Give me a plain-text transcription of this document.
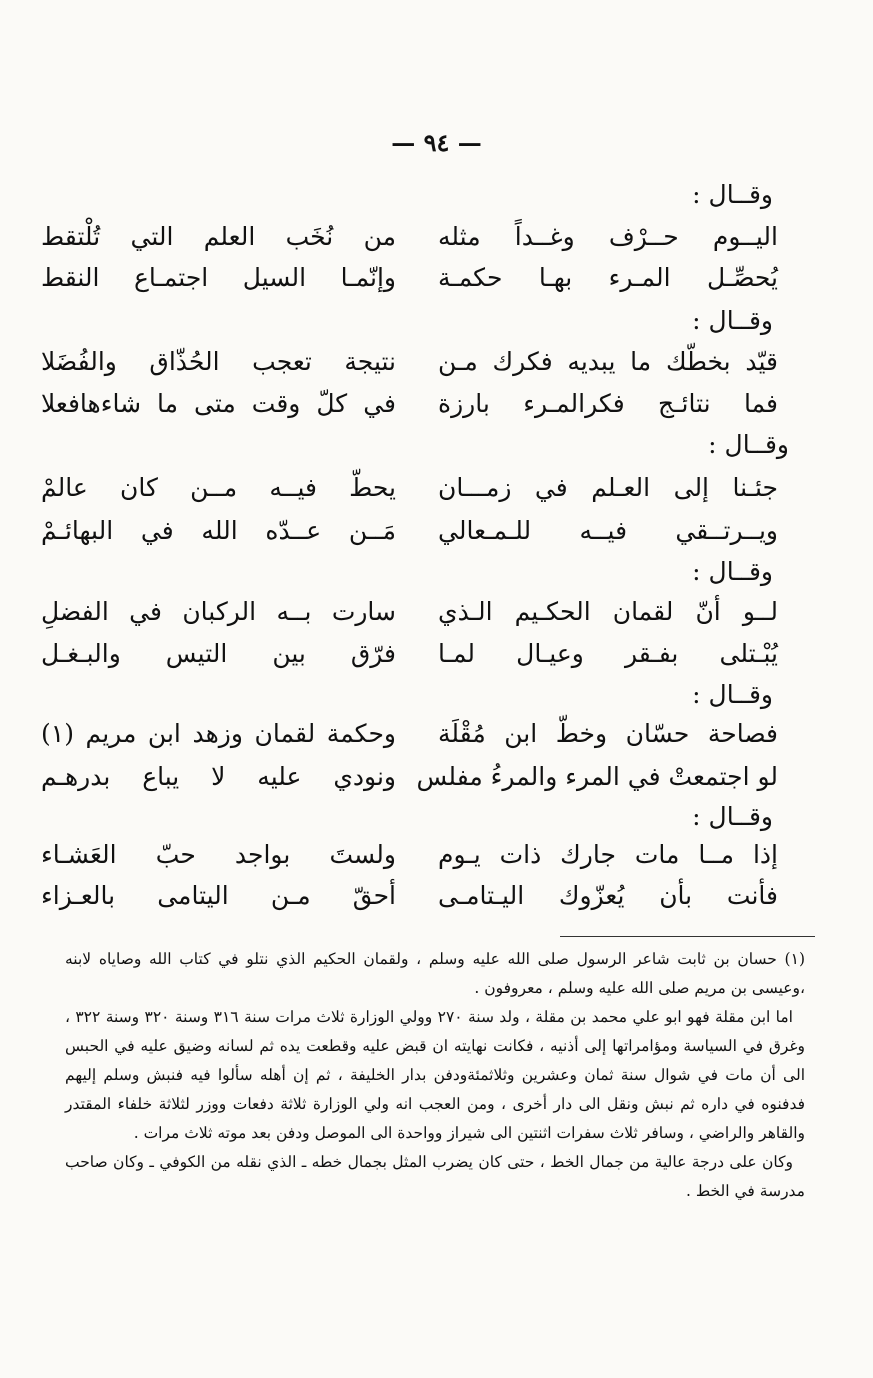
— ٩٤ —
وقــال :
اليــوم حــرْف وغــداً مثله
من نُخَب العلم التي تُلْتقط
يُحصِّـل المـرء بهـا حكمـة
وإنّمـا السيل اجتمـاع النقط
وقــال :
قيّد بخطّك ما يبديه فكرك مـن
نتيجة تعجب الحُذّاق والفُضَلا
فما نتائـج فكرالمـرء بارزة
في كلّ وقت متى ما شاءهافعلا
وقــال :
جئـنا إلى العـلم في زمـــان
يحطّ فيــه مــن كان عالمْ
ويــرتــقي فيــه للـمـعالي
مَــن عــدّه الله في البهائـمْ
وقــال :
لــو أنّ لقمان الحكـيم الـذي
سارت بــه الركبان في الفضلِ
يُبْـتلى بفـقر وعيـال لمـا
فرّق بين التيس والبـغـل
وقــال :
فصاحة حسّان وخطّ ابن مُقْلَة
وحكمة لقمان وزهد ابن مريم (١)
لو اجتمعتْ في المرء والمرءُ مفلس
ونودي عليه لا يباع بدرهـم
وقــال :
إذا مــا مات جارك ذات يـوم
ولستَ بواجد حبّ العَشـاء
فأنت بأن يُعزّوك اليـتامـى
أحقّ مـن اليتامى بالعـزاء

(١) حسان بن ثابت شاعر الرسول صلى الله عليه وسلم ، ولقمان الحكيم الذي نتلو في كتاب الله وصاياه لابنه ،وعيسى بن مريم صلى الله عليه وسلم ، معروفون .

اما ابن مقلة فهو ابو علي محمد بن مقلة ، ولد سنة ٢٧٠ وولي الوزارة ثلاث مرات سنة ٣١٦ وسنة ٣٢٠ وسنة ٣٢٢ ، وغرق في السياسة ومؤامراتها إلى أذنيه ، فكانت نهايته ان قبض عليه وقطعت يده ثم لسانه وضيق عليه في الحبس الى أن مات في شوال سنة ثمان وعشرين وثلاثمئةودفن بدار الخليفة ، ثم إن أهله سألوا فيه فنبش وسلم إليهم فدفنوه في داره ثم نبش ونقل الى دار أخرى ، ومن العجب انه ولي الوزارة ثلاثة دفعات ووزر لثلاثة خلفاء المقتدر والقاهر والراضي ، وسافر ثلاث سفرات اثنتين الى شيراز وواحدة الى الموصل ودفن بعد موته ثلاث مرات .

وكان على درجة عالية من جمال الخط ، حتى كان يضرب المثل بجمال خطه ـ الذي نقله من الكوفي ـ وكان صاحب مدرسة في الخط .
